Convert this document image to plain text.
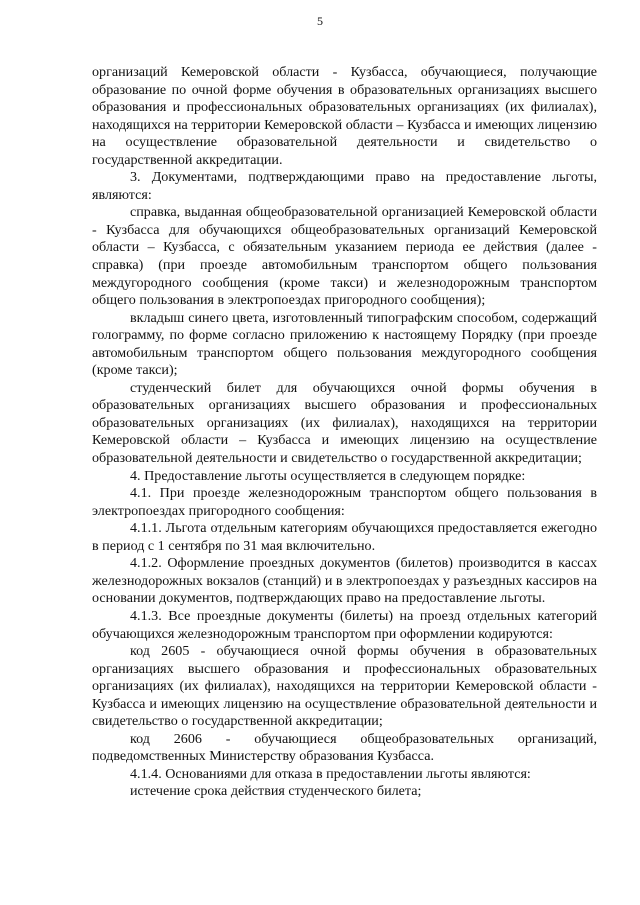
5

организаций Кемеровской области - Кузбасса, обучающиеся, получающие образование по очной форме обучения в образовательных организациях высшего образования и профессиональных образовательных организациях (их филиалах), находящихся на территории Кемеровской области – Кузбасса и имеющих лицензию на осуществление образовательной деятельности и свидетельство о государственной аккредитации.

3. Документами, подтверждающими право на предоставление льготы, являются:

справка, выданная общеобразовательной организацией Кемеровской области - Кузбасса для обучающихся общеобразовательных организаций Кемеровской области – Кузбасса, с обязательным указанием периода ее действия (далее - справка) (при проезде автомобильным транспортом общего пользования междугородного сообщения (кроме такси) и железнодорожным транспортом общего пользования в электропоездах пригородного сообщения);

вкладыш синего цвета, изготовленный типографским способом, содержащий голограмму, по форме согласно приложению к настоящему Порядку (при проезде автомобильным транспортом общего пользования междугородного сообщения (кроме такси);

студенческий билет для обучающихся очной формы обучения в образовательных организациях высшего образования и профессиональных образовательных организациях (их филиалах), находящихся на территории Кемеровской области – Кузбасса и имеющих лицензию на осуществление образовательной деятельности и свидетельство о государственной аккредитации;

4. Предоставление льготы осуществляется в следующем порядке:

4.1. При проезде железнодорожным транспортом общего пользования в электропоездах пригородного сообщения:

4.1.1. Льгота отдельным категориям обучающихся предоставляется ежегодно в период с 1 сентября по 31 мая включительно.

4.1.2. Оформление проездных документов (билетов) производится в кассах железнодорожных вокзалов (станций) и в электропоездах у разъездных кассиров на основании документов, подтверждающих право на предоставление льготы.

4.1.3. Все проездные документы (билеты) на проезд отдельных категорий обучающихся железнодорожным транспортом при оформлении кодируются:

код 2605 - обучающиеся очной формы обучения в образовательных организациях высшего образования и профессиональных образовательных организациях (их филиалах), находящихся на территории Кемеровской области - Кузбасса и имеющих лицензию на осуществление образовательной деятельности и свидетельство о государственной аккредитации;

код 2606 - обучающиеся общеобразовательных организаций, подведомственных Министерству образования Кузбасса.

4.1.4. Основаниями для отказа в предоставлении льготы являются:

истечение срока действия студенческого билета;
